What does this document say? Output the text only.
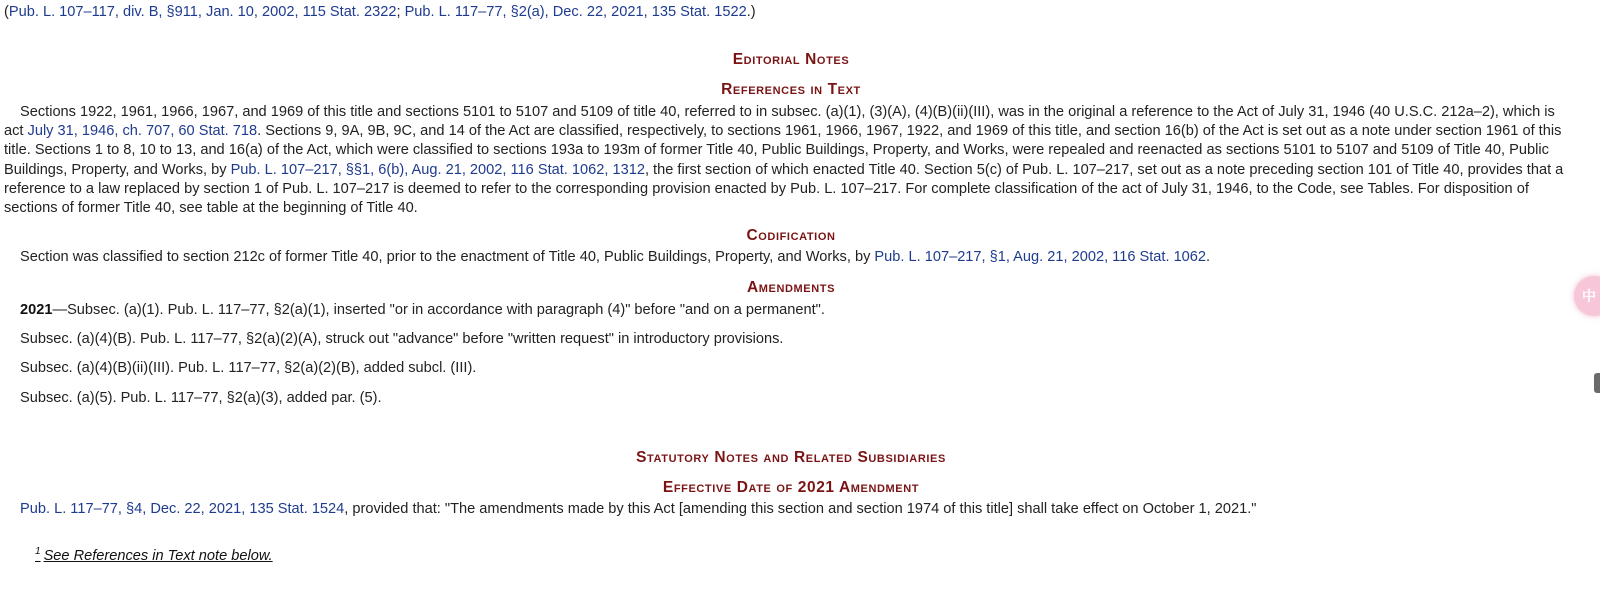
(Pub. L. 107–117, div. B, §911, Jan. 10, 2002, 115 Stat. 2322; Pub. L. 117–77, §2(a), Dec. 22, 2021, 135 Stat. 1522.)
Editorial Notes
References in Text

Sections 1922, 1961, 1966, 1967, and 1969 of this title and sections 5101 to 5107 and 5109 of title 40, referred to in subsec. (a)(1), (3)(A), (4)(B)(ii)(III), was in the original a reference to the Act of July 31, 1946 (40 U.S.C. 212a–2), which is act July 31, 1946, ch. 707, 60 Stat. 718. Sections 9, 9A, 9B, 9C, and 14 of the Act are classified, respectively, to sections 1961, 1966, 1967, 1922, and 1969 of this title, and section 16(b) of the Act is set out as a note under section 1961 of this title. Sections 1 to 8, 10 to 13, and 16(a) of the Act, which were classified to sections 193a to 193m of former Title 40, Public Buildings, Property, and Works, were repealed and reenacted as sections 5101 to 5107 and 5109 of Title 40, Public Buildings, Property, and Works, by Pub. L. 107–217, §§1, 6(b), Aug. 21, 2002, 116 Stat. 1062, 1312, the first section of which enacted Title 40. Section 5(c) of Pub. L. 107–217, set out as a note preceding section 101 of Title 40, provides that a reference to a law replaced by section 1 of Pub. L. 107–217 is deemed to refer to the corresponding provision enacted by Pub. L. 107–217. For complete classification of the act of July 31, 1946, to the Code, see Tables. For disposition of sections of former Title 40, see table at the beginning of Title 40.

Codification

Section was classified to section 212c of former Title 40, prior to the enactment of Title 40, Public Buildings, Property, and Works, by Pub. L. 107–217, §1, Aug. 21, 2002, 116 Stat. 1062.

Amendments

2021—Subsec. (a)(1). Pub. L. 117–77, §2(a)(1), inserted "or in accordance with paragraph (4)" before "and on a permanent".

Subsec. (a)(4)(B). Pub. L. 117–77, §2(a)(2)(A), struck out "advance" before "written request" in introductory provisions.

Subsec. (a)(4)(B)(ii)(III). Pub. L. 117–77, §2(a)(2)(B), added subcl. (III).

Subsec. (a)(5). Pub. L. 117–77, §2(a)(3), added par. (5).

Statutory Notes and Related Subsidiaries
Effective Date of 2021 Amendment

Pub. L. 117–77, §4, Dec. 22, 2021, 135 Stat. 1524, provided that: "The amendments made by this Act [amending this section and section 1974 of this title] shall take effect on October 1, 2021."

$^1$ See References in Text note below.
中
